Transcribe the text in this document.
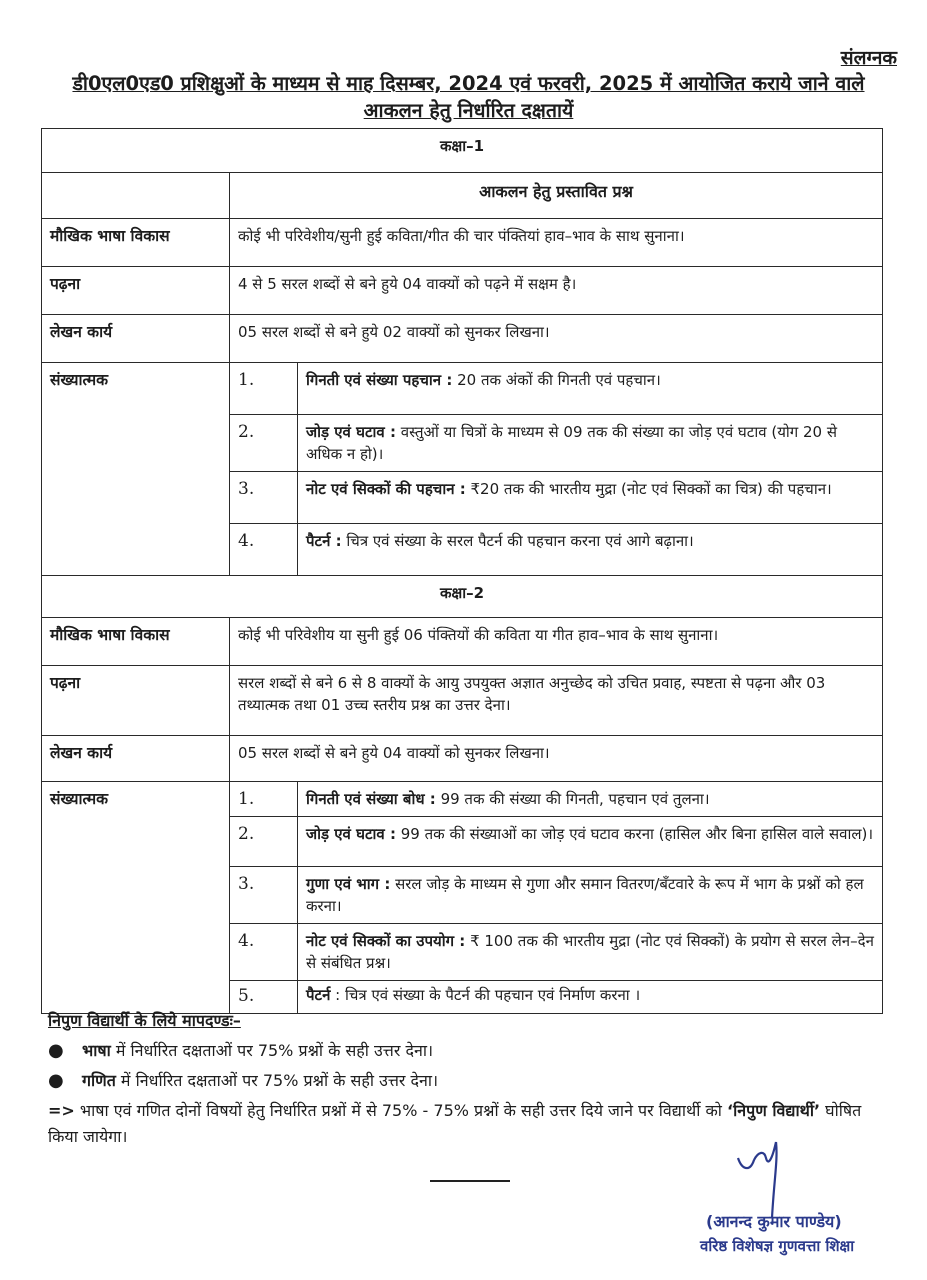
संलग्नक
डी0एल0एड0 प्रशिक्षुओं के माध्यम से माह दिसम्बर, 2024 एवं फरवरी, 2025 में आयोजित कराये जाने वाले आकलन हेतु निर्धारित दक्षतायें
कक्षा–1		
	आकलन हेतु प्रस्तावित प्रश्न	
मौखिक भाषा विकास	कोई भी परिवेशीय/सुनी हुई कविता/गीत की चार पंक्तियां हाव–भाव के साथ सुनाना।	
पढ़ना	4 से 5 सरल शब्दों से बने हुये 04 वाक्यों को पढ़ने में सक्षम है।	
लेखन कार्य	05 सरल शब्दों से बने हुये 02 वाक्यों को सुनकर लिखना।	
संख्यात्मक	1.	गिनती एवं संख्या पहचान : 20 तक अंकों की गिनती एवं पहचान।
	2.	जोड़ एवं घटाव : वस्तुओं या चित्रों के माध्यम से 09 तक की संख्या का जोड़ एवं घटाव (योग 20 से अधिक न हो)।
	3.	नोट एवं सिक्कों की पहचान : ₹20 तक की भारतीय मुद्रा (नोट एवं सिक्कों का चित्र) की पहचान।
	4.	पैटर्न : चित्र एवं संख्या के सरल पैटर्न की पहचान करना एवं आगे बढ़ाना।
कक्षा–2		
मौखिक भाषा विकास	कोई भी परिवेशीय या सुनी हुई 06 पंक्तियों की कविता या गीत हाव–भाव के साथ सुनाना।	
पढ़ना	सरल शब्दों से बने 6 से 8 वाक्यों के आयु उपयुक्त अज्ञात अनुच्छेद को उचित प्रवाह, स्पष्टता से पढ़ना और 03 तथ्यात्मक तथा 01 उच्च स्तरीय प्रश्न का उत्तर देना।	
लेखन कार्य	05 सरल शब्दों से बने हुये 04 वाक्यों को सुनकर लिखना।	
संख्यात्मक	1.	गिनती एवं संख्या बोध : 99 तक की संख्या की गिनती, पहचान एवं तुलना।
	2.	जोड़ एवं घटाव : 99 तक की संख्याओं का जोड़ एवं घटाव करना (हासिल और बिना हासिल वाले सवाल)।
	3.	गुणा एवं भाग : सरल जोड़ के माध्यम से गुणा और समान वितरण/बँटवारे के रूप में भाग के प्रश्नों को हल करना।
	4.	नोट एवं सिक्कों का उपयोग : ₹ 100 तक की भारतीय मुद्रा (नोट एवं सिक्कों) के प्रयोग से सरल लेन–देन से संबंधित प्रश्न।
	5.	पैटर्न : चित्र एवं संख्या के पैटर्न की पहचान एवं निर्माण करना ।
निपुण विद्यार्थी के लिये मापदण्डः–
●	भाषा में निर्धारित दक्षताओं पर 75% प्रश्नों के सही उत्तर देना।
●	गणित में निर्धारित दक्षताओं पर 75% प्रश्नों के सही उत्तर देना।
=> भाषा एवं गणित दोनों विषयों हेतु निर्धारित प्रश्नों में से 75% - 75% प्रश्नों के सही उत्तर दिये जाने पर विद्यार्थी को ‘निपुण विद्यार्थी’ घोषित किया जायेगा।
(आनन्द कुमार पाण्डेय)
वरिष्ठ विशेषज्ञ गुणवत्ता शिक्षा
